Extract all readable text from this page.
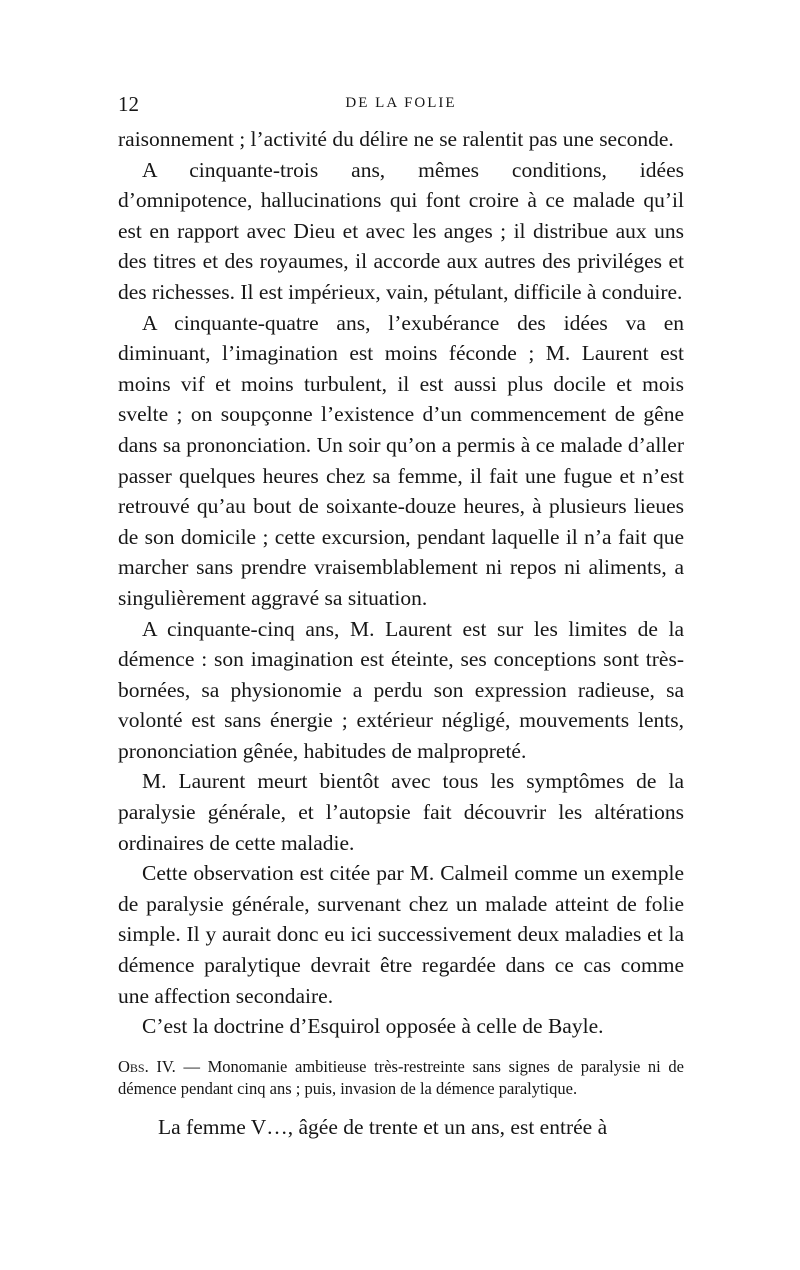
12	DE LA FOLIE

raisonnement ; l’activité du délire ne se ralentit pas une seconde.

A cinquante-trois ans, mêmes conditions, idées d’omnipotence, hallucinations qui font croire à ce malade qu’il est en rapport avec Dieu et avec les anges ; il distribue aux uns des titres et des royaumes, il accorde aux autres des priviléges et des richesses. Il est impérieux, vain, pétulant, difficile à conduire.

A cinquante-quatre ans, l’exubérance des idées va en diminuant, l’imagination est moins féconde ; M. Laurent est moins vif et moins turbulent, il est aussi plus docile et mois svelte ; on soupçonne l’existence d’un commencement de gêne dans sa prononciation. Un soir qu’on a permis à ce malade d’aller passer quelques heures chez sa femme, il fait une fugue et n’est retrouvé qu’au bout de soixante-douze heures, à plusieurs lieues de son domicile ; cette excursion, pendant laquelle il n’a fait que marcher sans prendre vraisemblablement ni repos ni aliments, a singulièrement aggravé sa situation.

A cinquante-cinq ans, M. Laurent est sur les limites de la démence : son imagination est éteinte, ses conceptions sont très-bornées, sa physionomie a perdu son expression radieuse, sa volonté est sans énergie ; extérieur négligé, mouvements lents, prononciation gênée, habitudes de malpropreté.

M. Laurent meurt bientôt avec tous les symptômes de la paralysie générale, et l’autopsie fait découvrir les altérations ordinaires de cette maladie.

Cette observation est citée par M. Calmeil comme un exemple de paralysie générale, survenant chez un malade atteint de folie simple. Il y aurait donc eu ici successivement deux maladies et la démence paralytique devrait être regardée dans ce cas comme une affection secondaire.

C’est la doctrine d’Esquirol opposée à celle de Bayle.

Obs. IV. — Monomanie ambitieuse très-restreinte sans signes de paralysie ni de démence pendant cinq ans ; puis, invasion de la démence paralytique.
La femme V…, âgée de trente et un ans, est entrée à
